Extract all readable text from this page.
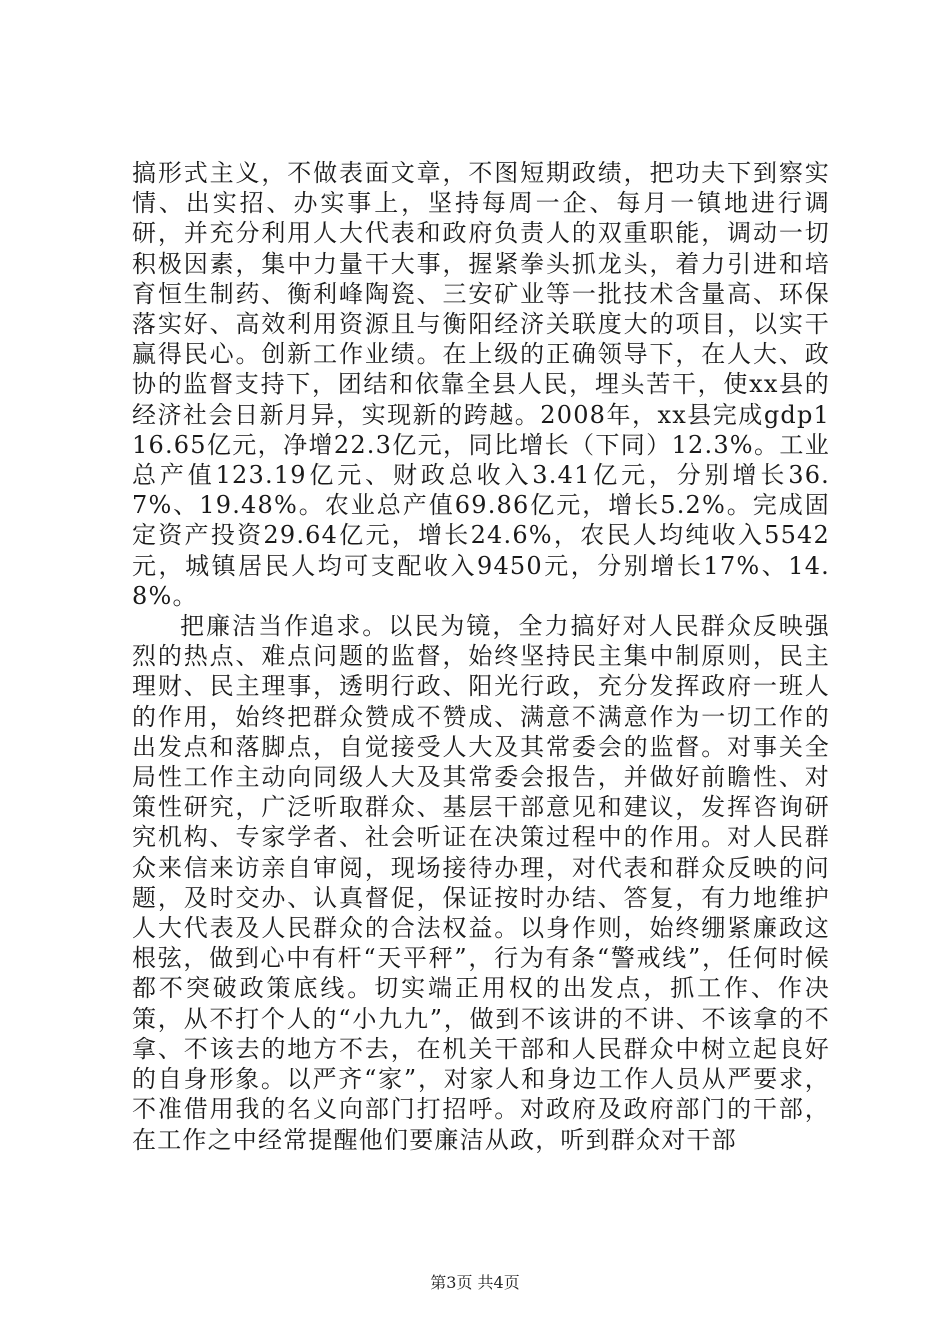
搞形式主义，不做表面文章，不图短期政绩，把功夫下到察实情、出实招、办实事上，坚持每周一企、每月一镇地进行调研，并充分利用人大代表和政府负责人的双重职能，调动一切积极因素，集中力量干大事，握紧拳头抓龙头，着力引进和培育恒生制药、衡利峰陶瓷、三安矿业等一批技术含量高、环保落实好、高效利用资源且与衡阳经济关联度大的项目，以实干赢得民心。创新工作业绩。在上级的正确领导下，在人大、政协的监督支持下，团结和依靠全县人民，埋头苦干，使xx县的经济社会日新月异，实现新的跨越。2008年，xx县完成gdp116.65亿元，净增22.3亿元，同比增长（下同）12.3%。工业总产值123.19亿元、财政总收入3.41亿元，分别增长36.7%、19.48%。农业总产值69.86亿元，增长5.2%。完成固定资产投资29.64亿元，增长24.6%，农民人均纯收入5542元，城镇居民人均可支配收入9450元，分别增长17%、14.8%。

把廉洁当作追求。以民为镜，全力搞好对人民群众反映强烈的热点、难点问题的监督，始终坚持民主集中制原则，民主理财、民主理事，透明行政、阳光行政，充分发挥政府一班人的作用，始终把群众赞成不赞成、满意不满意作为一切工作的出发点和落脚点，自觉接受人大及其常委会的监督。对事关全局性工作主动向同级人大及其常委会报告，并做好前瞻性、对策性研究，广泛听取群众、基层干部意见和建议，发挥咨询研究机构、专家学者、社会听证在决策过程中的作用。对人民群众来信来访亲自审阅，现场接待办理，对代表和群众反映的问题，及时交办、认真督促，保证按时办结、答复，有力地维护人大代表及人民群众的合法权益。以身作则，始终绷紧廉政这根弦，做到心中有杆“天平秤”，行为有条“警戒线”，任何时候都不突破政策底线。切实端正用权的出发点，抓工作、作决策，从不打个人的“小九九”，做到不该讲的不讲、不该拿的不拿、不该去的地方不去，在机关干部和人民群众中树立起良好的自身形象。以严齐“家”，对家人和身边工作人员从严要求，不准借用我的名义向部门打招呼。对政府及政府部门的干部，在工作之中经常提醒他们要廉洁从政，听到群众对干部

第3页 共4页
